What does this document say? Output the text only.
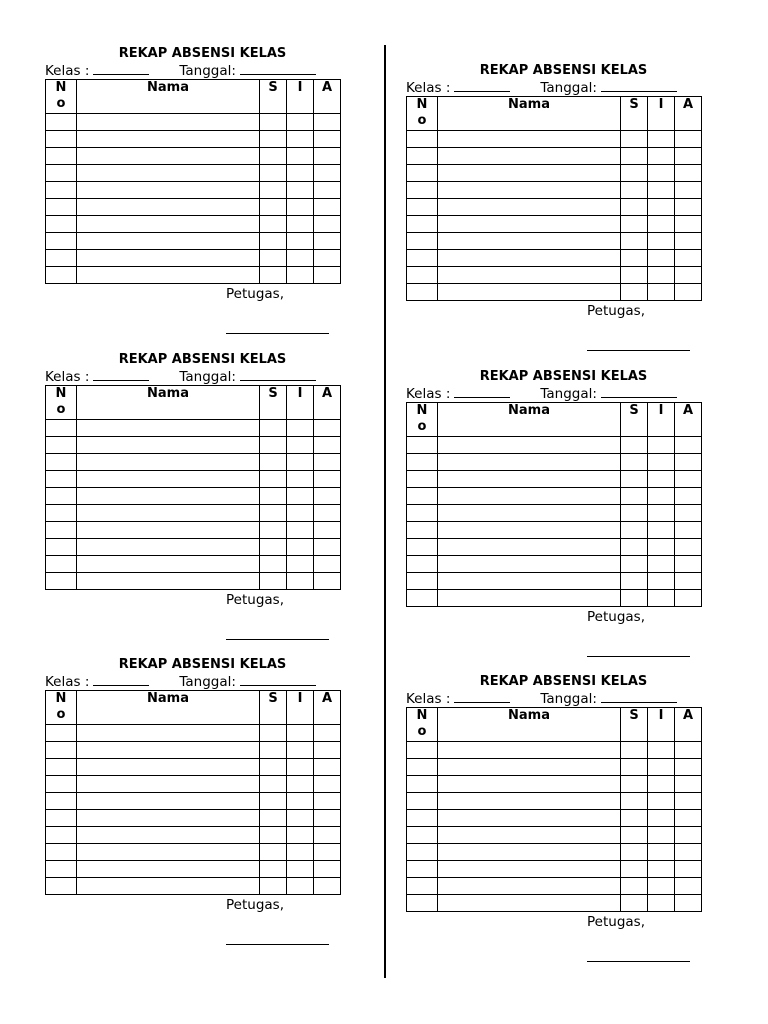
REKAP ABSENSI KELAS
Kelas :	Tanggal:
N
o	Nama	S	I	A

Petugas,
REKAP ABSENSI KELAS
Kelas :	Tanggal:
N
o	Nama	S	I	A

Petugas,
REKAP ABSENSI KELAS
Kelas :	Tanggal:
N
o	Nama	S	I	A

Petugas,
REKAP ABSENSI KELAS
Kelas :	Tanggal:
N
o	Nama	S	I	A

Petugas,
REKAP ABSENSI KELAS
Kelas :	Tanggal:
N
o	Nama	S	I	A

Petugas,
REKAP ABSENSI KELAS
Kelas :	Tanggal:
N
o	Nama	S	I	A

Petugas,
